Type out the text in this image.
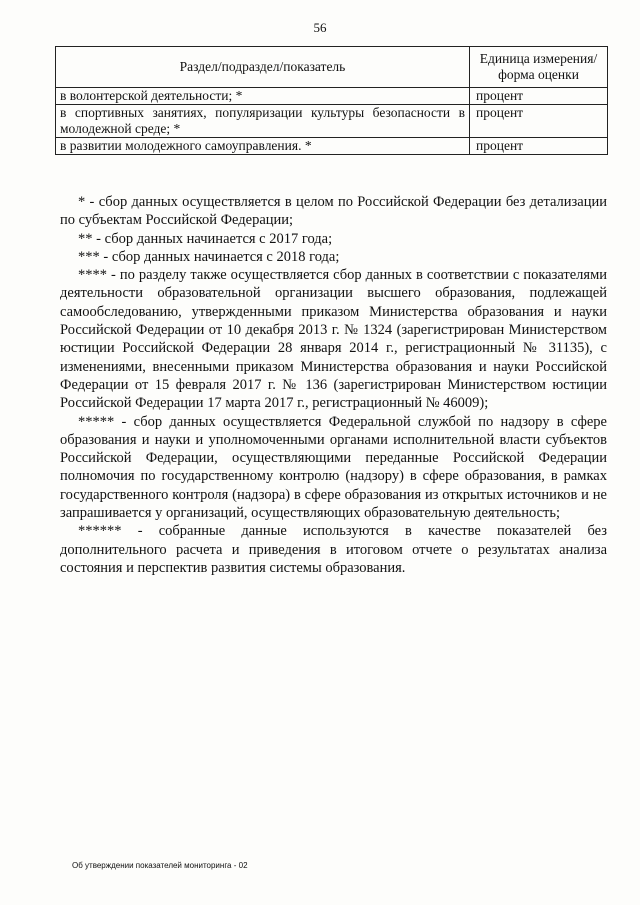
56
Раздел/подраздел/показатель	Единица измерения/ форма оценки
в волонтерской деятельности; *	процент
в спортивных занятиях, популяризации культуры безопасности в молодежной среде; *	процент
в развитии молодежного самоуправления. *	процент

* - сбор данных осуществляется в целом по Российской Федерации без детализации по субъектам Российской Федерации;

** - сбор данных начинается с 2017 года;

*** - сбор данных начинается с 2018 года;

**** - по разделу также осуществляется сбор данных в соответствии с показателями деятельности образовательной организации высшего образования, подлежащей самообследованию, утвержденными приказом Министерства образования и науки Российской Федерации от 10 декабря 2013 г. № 1324 (зарегистрирован Министерством юстиции Российской Федерации 28 января 2014 г., регистрационный № 31135), с изменениями, внесенными приказом Министерства образования и науки Российской Федерации от 15 февраля 2017 г. № 136 (зарегистрирован Министерством юстиции Российской Федерации 17 марта 2017 г., регистрационный № 46009);

***** - сбор данных осуществляется Федеральной службой по надзору в сфере образования и науки и уполномоченными органами исполнительной власти субъектов Российской Федерации, осуществляющими переданные Российской Федерации полномочия по государственному контролю (надзору) в сфере образования, в рамках государственного контроля (надзора) в сфере образования из открытых источников и не запрашивается у организаций, осуществляющих образовательную деятельность;

****** - собранные данные используются в качестве показателей без дополнительного расчета и приведения в итоговом отчете о результатах анализа состояния и перспектив развития системы образования.

Об утверждении показателей мониторинга - 02
